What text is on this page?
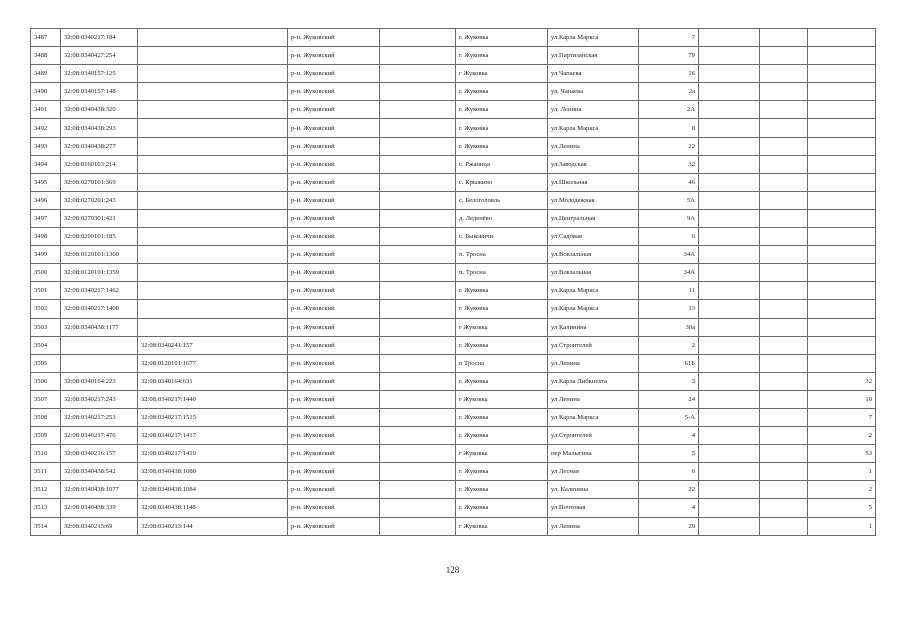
3487	32:08:0340217:184		р-н. Жуковский		г. Жуковка	ул.Карла Маркса	7			
3488	32:08:0340427:254		р-н. Жуковский		г. Жуковка	ул.Партизанская	79			
3489	32:08:0340157:125		р-н. Жуковский		г Жуковка	ул Чапаева	16			
3490	32:08:0340157:148		р-н. Жуковский		г. Жуковка	ул. Чапаева	2а			
3491	32:08:0340438:320		р-н. Жуковский		г. Жуковка	ул. Ленина	2А			
3492	32:08:0340438:293		р-н. Жуковский		г. Жуковка	ул.Карла Маркса	8			
3493	32:08:0340438:277		р-н. Жуковский		г. Жуковка	ул.Ленина	22			
3494	32:08:0160103:214		р-н. Жуковский		с. Ржаница	ул.Заводская	32			
3495	32:08:0270101:369		р-н. Жуковский		с. Крыжино	ул.Школьная	46			
3496	32:08:0270201:243		р-н. Жуковский		с. Белоголовль	ул.Молодежная	5А			
3497	32:08:0270301:421		р-н. Жуковский		д. Леденёво	ул.Центральная	9А			
3498	32:08:0290101:185		р-н. Жуковский		с. Быковичи	ул.Садовая	6			
3499	32:08:0120101:1360		р-н. Жуковский		п. Тросна	ул.Вокзальная	34А			
3500	32:08:0120101:1359		р-н. Жуковский		п. Тросна	ул.Вокзальная	34А			
3501	32:08:0340217:1462		р-н. Жуковский		г. Жуковка	ул.Карла Маркса	11			
3502	32:08:0340217:1408		р-н. Жуковский		г. Жуковка	ул.Карла Маркса	13			
3503	32:08:0340438:1177		р-н. Жуковский		г Жуковка	ул Калинина	30а			
3504		32:08:0340241:157	р-н. Жуковский		г. Жуковка	ул.Строителей	2			
3505		32:08:0120101:1677	р-н. Жуковский		п Тросна	ул.Ленина	61Б			
3506	32:08:0340164:223	32:08:0340164:631	р-н. Жуковский		г. Жуковка	ул.Карла Либкнехта	3			32
3507	32:08:0340217:243	32:08:0340217:1440	р-н. Жуковский		г Жуковка	ул Ленина	24			10
3508	32:08:0340217:253	32:08:0340217:1515	р-н. Жуковский		г. Жуковка	ул Карла Маркса	5-А			7
3509	32:08:0340217:476	32:08:0340217:1417	р-н. Жуковский		г. Жуковка	ул.Строителей	4			2
3510	32:08:0340216:157	32:08:0340217:1419	р-н. Жуковский		г Жуковка	пер Малыгина	5			53
3511	32:08:0340438:542	32:08:0340438:1080	р-н. Жуковский		г. Жуковка	ул Лесная	6			1
3512	32:08:0340438:1077	32:08:0340438:1084	р-н. Жуковский		г. Жуковка	ул. Калинина	22			2
3513	32:08:0340438:339	32:08:0340438:1148	р-н. Жуковский		г. Жуковка	ул.Почтовая	4			5
3514	32:08:0340213:69	32:08:0340213:144	р-н. Жуковский		г Жуковка	ул Ленина	29			1
128
